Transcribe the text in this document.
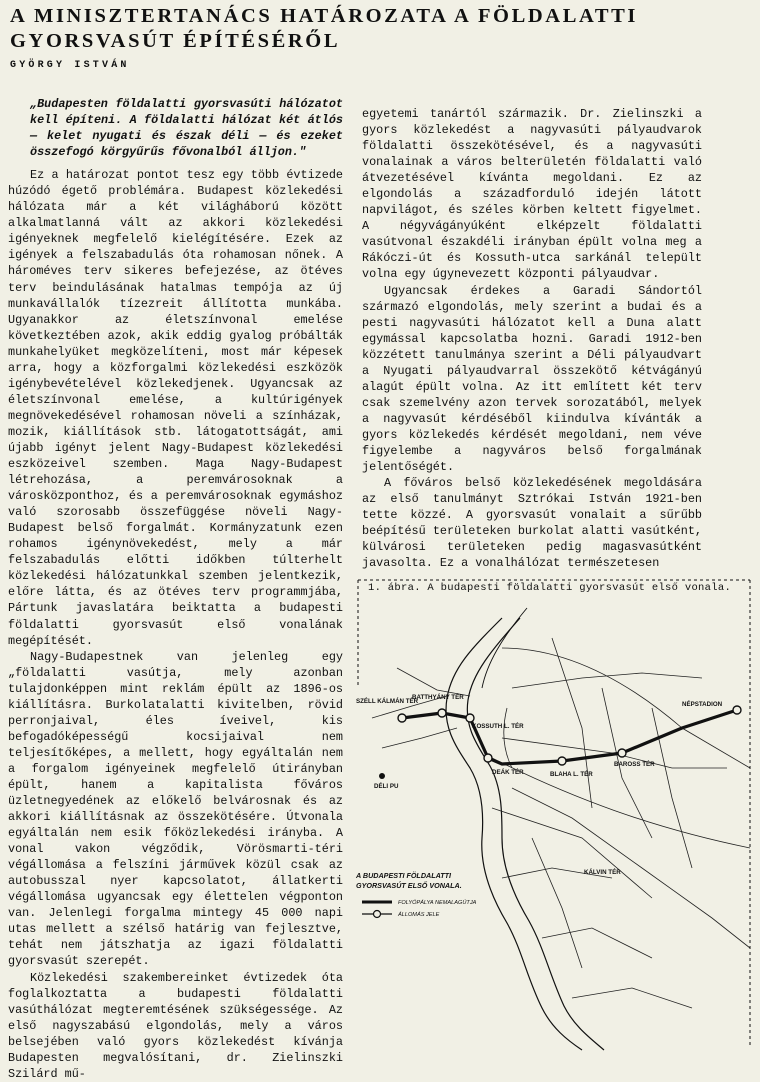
A MINISZTERTANÁCS HATÁROZATA A FÖLDALATTI GYORSVASÚT ÉPÍTÉSÉRŐL
GYÖRGY ISTVÁN

„Budapesten földalatti gyorsvasúti hálózatot kell építeni. A földalatti hálózat két átlós — kelet nyugati és észak déli — és ezeket összefogó körgyűrűs fővonalból álljon."

Ez a határozat pontot tesz egy több évtizede húzódó égető problémára. Budapest közlekedési hálózata már a két világháború között alkalmatlanná vált az akkori közlekedési igényeknek megfelelő kielégítésére. Ezek az igények a felszabadulás óta rohamosan nőnek. A hároméves terv sikeres befejezése, az ötéves terv beindulásának hatalmas tempója az új munkavállalók tízezreit állította munkába. Ugyanakkor az életszínvonal emelése következtében azok, akik eddig gyalog próbálták munkahelyüket megközelíteni, most már képesek arra, hogy a közforgalmi közlekedési eszközök igénybevételével közlekedjenek. Ugyancsak az életszínvonal emelése, a kultúrigények megnövekedésével rohamosan növeli a színházak, mozik, kiállítások stb. látogatottságát, ami újabb igényt jelent Nagy-Budapest közlekedési eszközeivel szemben. Maga Nagy-Budapest létrehozása, a peremvárosoknak a városközponthoz, és a peremvárosoknak egymáshoz való szorosabb összefüggése növeli Nagy-Budapest belső forgalmát. Kormányzatunk ezen rohamos igénynövekedést, mely a már felszabadulás előtti időkben túlterhelt közlekedési hálózatunkkal szemben jelentkezik, előre látta, és az ötéves terv programmjába, Pártunk javaslatára beiktatta a budapesti földalatti gyorsvasút első vonalának megépítését.

Nagy-Budapestnek van jelenleg egy „földalatti vasútja, mely azonban tulajdonképpen mint reklám épült az 1896-os kiállításra. Burkolatalatti kivitelben, rövid perronjaival, éles íveivel, kis befogadóképességű kocsijaival nem teljesítőképes, a mellett, hogy egyáltalán nem a forgalom igényeinek megfelelő útirányban épült, hanem a kapitalista főváros üzletnegyedének az előkelő belvárosnak és az akkori kiállításnak az összekötésére. Útvonala egyáltalán nem esik főközlekedési irányba. A vonal vakon végződik, Vörösmarti-téri végállomása a felszíni járművek közül csak az autobusszal nyer kapcsolatot, állatkerti végállomása ugyancsak egy élettelen végponton van. Jelenlegi forgalma mintegy 45 000 napi utas mellett a szélső határig van fejlesztve, tehát nem játszhatja az igazi földalatti gyorsvasút szerepét.

Közlekedési szakembereinket évtizedek óta foglalkoztatta a budapesti földalatti vasúthálózat megteremtésének szükségessége. Az első nagyszabású elgondolás, mely a város belsejében való gyors közlekedést kívánja Budapesten megvalósítani, dr. Zielinszki Szilárd mű-

egyetemi tanártól származik. Dr. Zielinszki a gyors közlekedést a nagyvasúti pályaudvarok földalatti összekötésével, és a nagyvasúti vonalainak a város belterületén földalatti való átvezetésével kívánta megoldani. Ez az elgondolás a századforduló idején látott napvilágot, és széles körben keltett figyelmet. A négyvágányúként elképzelt földalatti vasútvonal északdéli irányban épült volna meg a Rákóczi-út és Kossuth-utca sarkánál települt volna egy úgynevezett központi pályaudvar.

Ugyancsak érdekes a Garadi Sándortól származó elgondolás, mely szerint a budai és a pesti nagyvasúti hálózatot kell a Duna alatt egymással kapcsolatba hozni. Garadi 1912-ben közzétett tanulmánya szerint a Déli pályaudvart a Nyugati pályaudvarral összekötő kétvágányú alagút épült volna. Az itt említett két terv csak szemelvény azon tervek sorozatából, melyek a nagyvasút kérdéséből kiindulva kívánták a gyors közlekedés kérdését megoldani, nem véve figyelembe a nagyváros belső forgalmának jelentőségét.

A főváros belső közlekedésének megoldására az első tanulmányt Sztrókai István 1921-ben tette közzé. A gyorsvasút vonalait a sűrűbb beépítésű területeken burkolat alatti vasútként, külvárosi területeken pedig magasvasútként javasolta. Ez a vonalhálózat természetesen

1. ábra. A budapesti földalatti gyorsvasút első vonala.
BATTHYÁNY TÉR
SZÉLL KÁLMÁN TÉR
DÉLI PU
KOSSUTH L. TÉR
DEÁK TÉR	BLAHA L. TÉR
BAROSS TÉR
NÉPSTADION
KÁLVIN TÉR
A BUDAPESTI FÖLDALATTI
GYORSVASÚT ELSŐ VONALA.
FOLYÓPÁLYA NEMALAGÚTJA
ÁLLOMÁS JELE
